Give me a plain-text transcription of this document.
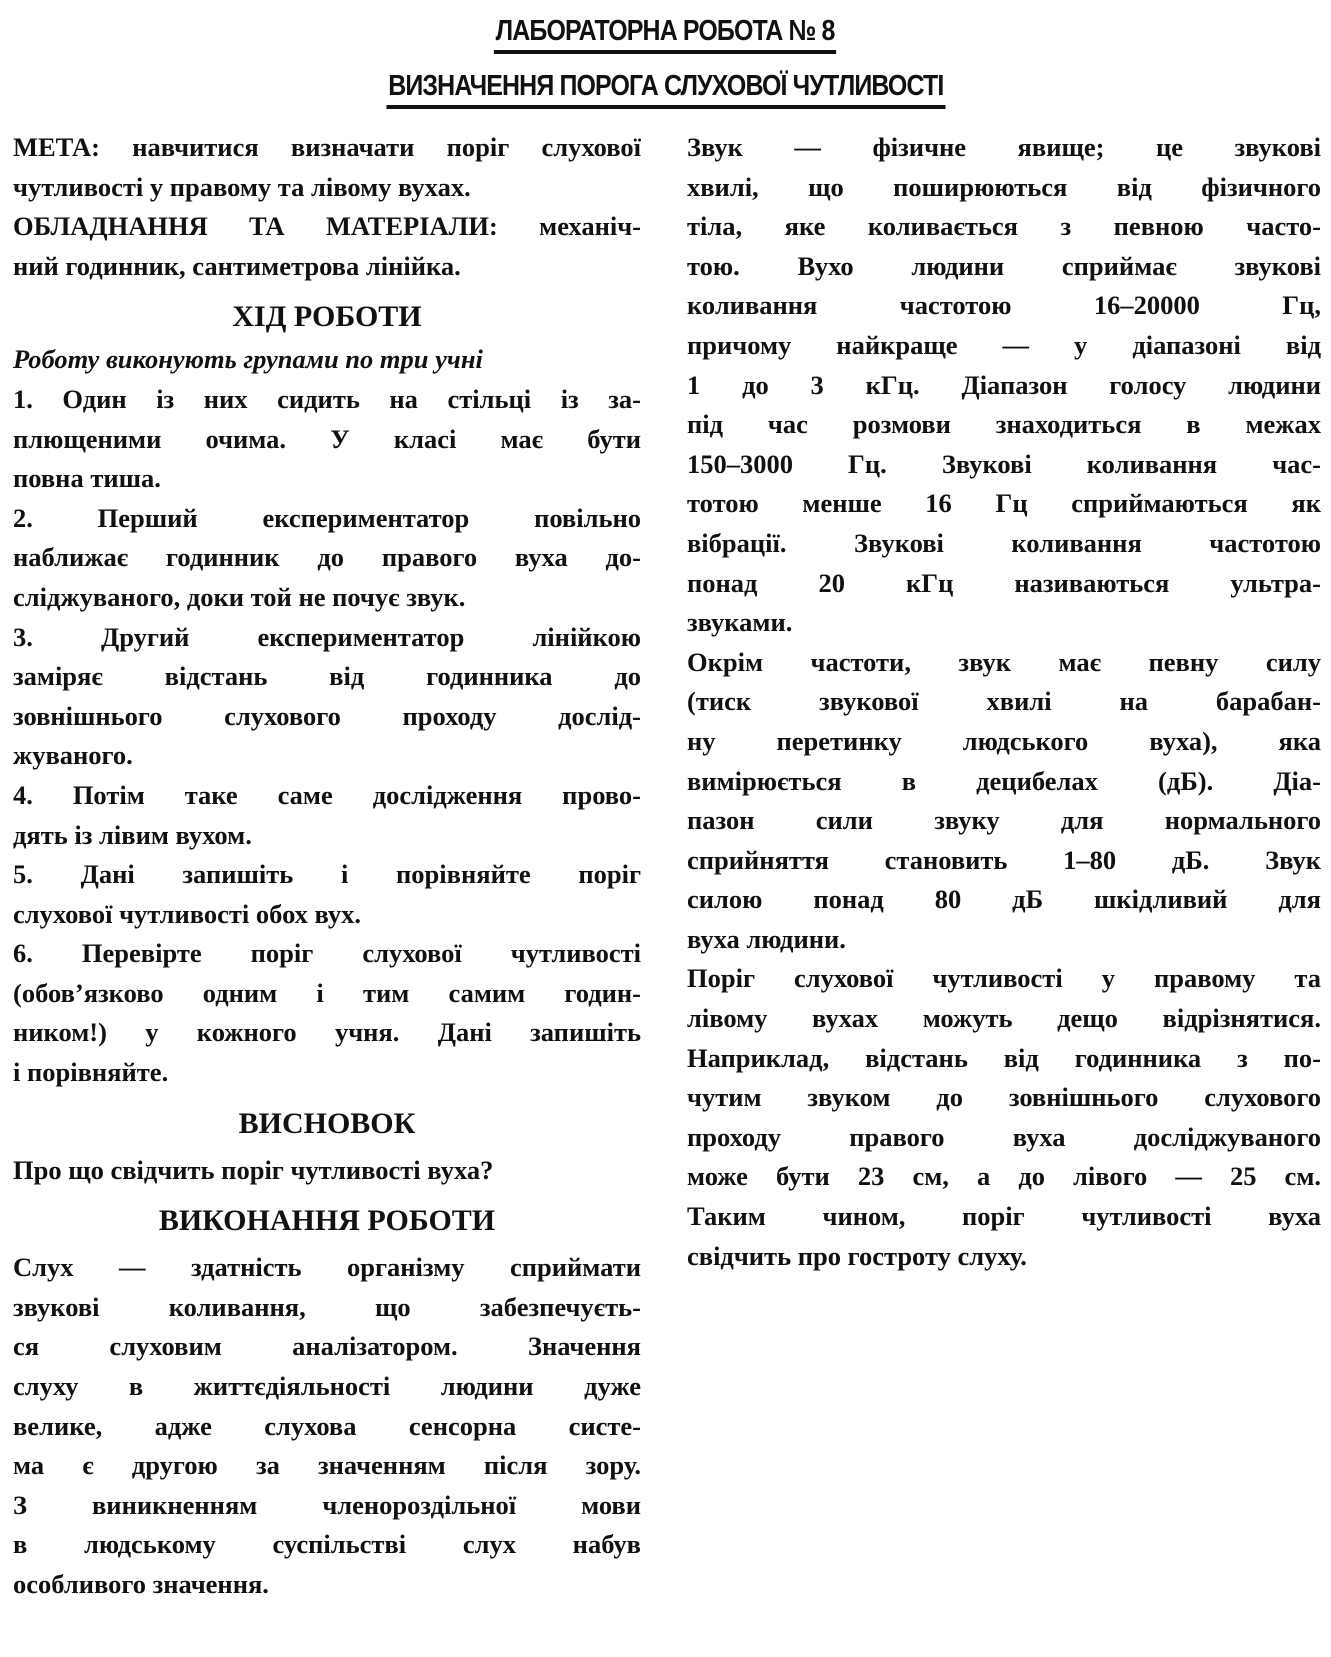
ЛАБОРАТОРНА РОБОТА № 8
ВИЗНАЧЕННЯ ПОРОГА СЛУХОВОЇ ЧУТЛИВОСТІ
МЕТА: навчитися визначати поріг слухової
чутливості у правому та лівому вухах.
ОБЛАДНАННЯ ТА МАТЕРІАЛИ: механіч-
ний годинник, сантиметрова лінійка.
ХІД РОБОТИ
Роботу виконують групами по три учні
1. Один із них сидить на стільці із за-
плющеними очима. У класі має бути
повна тиша.
2. Перший експериментатор повільно
наближає годинник до правого вуха до-
сліджуваного, доки той не почує звук.
3. Другий експериментатор лінійкою
заміряє відстань від годинника до
зовнішнього слухового проходу дослід-
жуваного.
4. Потім таке саме дослідження прово-
дять із лівим вухом.
5. Дані запишіть і порівняйте поріг
слухової чутливості обох вух.
6. Перевірте поріг слухової чутливості
(обов’язково одним і тим самим годин-
ником!) у кожного учня. Дані запишіть
і порівняйте.
ВИСНОВОК
Про що свідчить поріг чутливості вуха?
ВИКОНАННЯ РОБОТИ
Слух — здатність організму сприймати
звукові коливання, що забезпечуєть-
ся слуховим аналізатором. Значення
слуху в життєдіяльності людини дуже
велике, адже слухова сенсорна систе-
ма є другою за значенням після зору.
З виникненням членороздільної мови
в людському суспільстві слух набув
особливого значення.
Звук — фізичне явище; це звукові
хвилі, що поширюються від фізичного
тіла, яке коливається з певною часто-
тою. Вухо людини сприймає звукові
коливання частотою 16–20000 Гц,
причому найкраще — у діапазоні від
1 до 3 кГц. Діапазон голосу людини
під час розмови знаходиться в межах
150–3000 Гц. Звукові коливання час-
тотою менше 16 Гц сприймаються як
вібрації. Звукові коливання частотою
понад 20 кГц називаються ультра-
звуками.
Окрім частоти, звук має певну силу
(тиск звукової хвилі на барабан-
ну перетинку людського вуха), яка
вимірюється в децибелах (дБ). Діа-
пазон сили звуку для нормального
сприйняття становить 1–80 дБ. Звук
силою понад 80 дБ шкідливий для
вуха людини.
Поріг слухової чутливості у правому та
лівому вухах можуть дещо відрізнятися.
Наприклад, відстань від годинника з по-
чутим звуком до зовнішнього слухового
проходу правого вуха досліджуваного
може бути 23 см, а до лівого — 25 см.
Таким чином, поріг чутливості вуха
свідчить про гостроту слуху.
